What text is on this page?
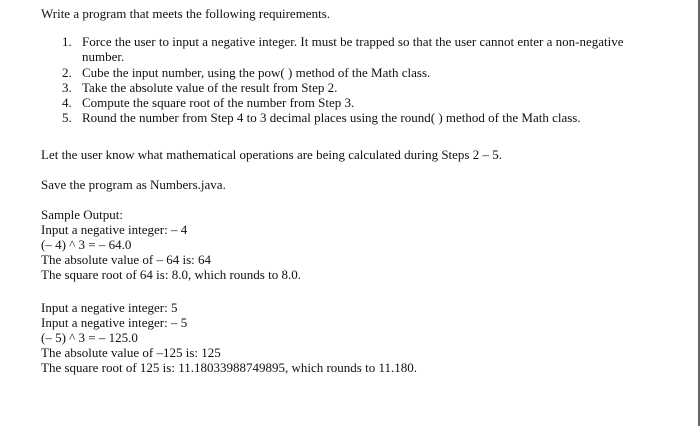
Write a program that meets the following requirements.
1. Force the user to input a negative integer. It must be trapped so that the user cannot enter a non-negative number.
2. Cube the input number, using the pow( ) method of the Math class.
3. Take the absolute value of the result from Step 2.
4. Compute the square root of the number from Step 3.
5. Round the number from Step 4 to 3 decimal places using the round( ) method of the Math class.
Let the user know what mathematical operations are being calculated during Steps 2 – 5.
Save the program as Numbers.java.
Sample Output:
Input a negative integer: – 4
(– 4) ^ 3 = – 64.0
The absolute value of – 64 is: 64
The square root of 64 is: 8.0, which rounds to 8.0.
Input a negative integer: 5
Input a negative integer: – 5
(– 5) ^ 3 = – 125.0
The absolute value of –125 is: 125
The square root of 125 is: 11.18033988749895, which rounds to 11.180.
